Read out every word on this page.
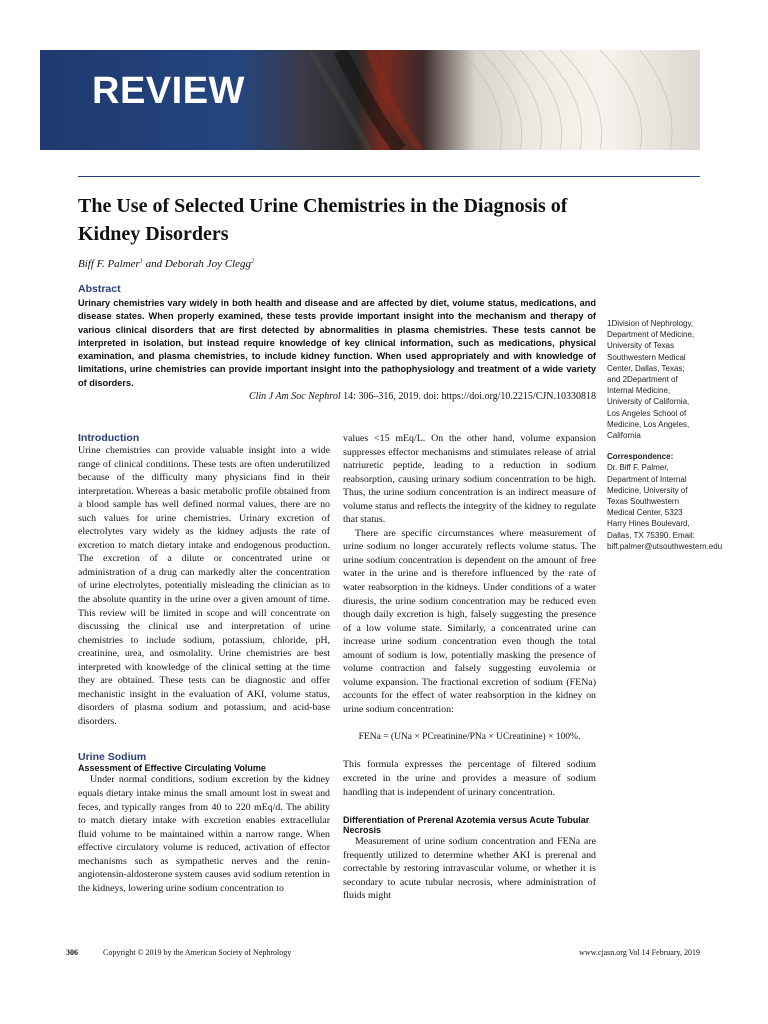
REVIEW
The Use of Selected Urine Chemistries in the Diagnosis of Kidney Disorders
Biff F. Palmer$^1$ and Deborah Joy Clegg$^2$
Abstract
Urinary chemistries vary widely in both health and disease and are affected by diet, volume status, medications, and disease states. When properly examined, these tests provide important insight into the mechanism and therapy of various clinical disorders that are first detected by abnormalities in plasma chemistries. These tests cannot be interpreted in isolation, but instead require knowledge of key clinical information, such as medications, physical examination, and plasma chemistries, to include kidney function. When used appropriately and with knowledge of limitations, urine chemistries can provide important insight into the pathophysiology and treatment of a wide variety of disorders.
Clin J Am Soc Nephrol 14: 306–316, 2019. doi: https://doi.org/10.2215/CJN.10330818
1Division of Nephrology, Department of Medicine, University of Texas Southwestern Medical Center, Dallas, Texas; and 2Department of Internal Medicine, University of California, Los Angeles School of Medicine, Los Angeles, California
Correspondence:
Dr. Biff F. Palmer, Department of Internal Medicine, University of Texas Southwestern Medical Center, 5323 Harry Hines Boulevard, Dallas, TX 75390. Email: biff.palmer@utsouthwestern.edu

Introduction

Urine chemistries can provide valuable insight into a wide range of clinical conditions. These tests are often underutilized because of the difficulty many physicians find in their interpretation. Whereas a basic metabolic profile obtained from a blood sample has well defined normal values, there are no such values for urine chemistries. Urinary excretion of electrolytes vary widely as the kidney adjusts the rate of excretion to match dietary intake and endogenous production. The excretion of a dilute or concentrated urine or administration of a drug can markedly alter the concentration of urine electrolytes, potentially misleading the clinician as to the absolute quantity in the urine over a given amount of time. This review will be limited in scope and will concentrate on discussing the clinical use and interpretation of urine chemistries to include sodium, potassium, chloride, pH, creatinine, urea, and osmolality. Urine chemistries are best interpreted with knowledge of the clinical setting at the time they are obtained. These tests can be diagnostic and offer mechanistic insight in the evaluation of AKI, volume status, disorders of plasma sodium and potassium, and acid-base disorders.

Urine Sodium

Assessment of Effective Circulating Volume

Under normal conditions, sodium excretion by the kidney equals dietary intake minus the small amount lost in sweat and feces, and typically ranges from 40 to 220 mEq/d. The ability to match dietary intake with excretion enables extracellular fluid volume to be maintained within a narrow range. When effective circulatory volume is reduced, activation of effector mechanisms such as sympathetic nerves and the renin-angiotensin-aldosterone system causes avid sodium retention in the kidneys, lowering urine sodium concentration to

values <15 mEq/L. On the other hand, volume expansion suppresses effector mechanisms and stimulates release of atrial natriuretic peptide, leading to a reduction in sodium reabsorption, causing urinary sodium concentration to be high. Thus, the urine sodium concentration is an indirect measure of volume status and reflects the integrity of the kidney to regulate that status.

There are specific circumstances where measurement of urine sodium no longer accurately reflects volume status. The urine sodium concentration is dependent on the amount of free water in the urine and is therefore influenced by the rate of water reabsorption in the kidneys. Under conditions of a water diuresis, the urine sodium concentration may be reduced even though daily excretion is high, falsely suggesting the presence of a low volume state. Similarly, a concentrated urine can increase urine sodium concentration even though the total amount of sodium is low, potentially masking the presence of volume contraction and falsely suggesting euvolemia or volume expansion. The fractional excretion of sodium (FENa) accounts for the effect of water reabsorption in the kidney on urine sodium concentration:

FENa = (UNa × PCreatinine/PNa × UCreatinine) × 100%.

This formula expresses the percentage of filtered sodium excreted in the urine and provides a measure of sodium handling that is independent of urinary concentration.

Differentiation of Prerenal Azotemia versus Acute Tubular Necrosis

Measurement of urine sodium concentration and FENa are frequently utilized to determine whether AKI is prerenal and correctable by restoring intravascular volume, or whether it is secondary to acute tubular necrosis, where administration of fluids might

306	Copyright © 2019 by the American Society of Nephrology	www.cjasn.org Vol 14 February, 2019
